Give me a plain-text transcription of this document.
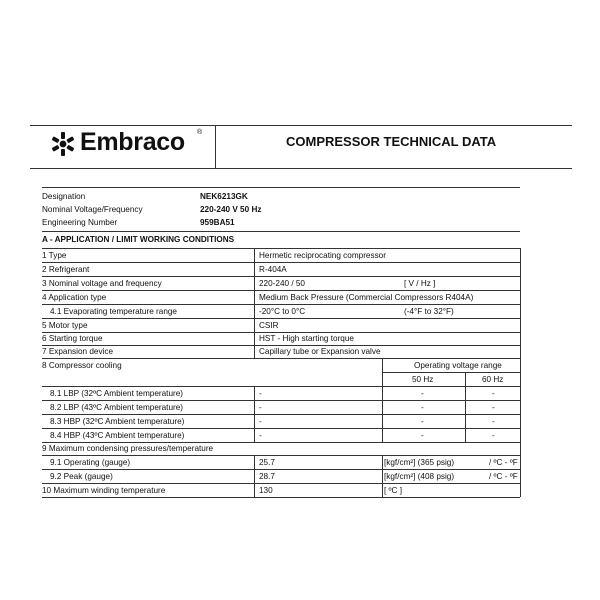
Embraco ®
COMPRESSOR TECHNICAL DATA
Designation	NEK6213GK
Nominal Voltage/Frequency	220-240 V 50 Hz
Engineering Number	959BA51
A - APPLICATION / LIMIT WORKING CONDITIONS
1 Type	Hermetic reciprocating compressor
2 Refrigerant	R-404A
3 Nominal voltage and frequency	220-240 / 50	[ V / Hz ]
4 Application type	Medium Back Pressure (Commercial Compressors R404A)
4.1 Evaporating temperature range	-20°C to 0°C	(-4°F to 32°F)
5 Motor type	CSIR
6 Starting torque	HST - High starting torque
7 Expansion device	Capillary tube or Expansion valve
8 Compressor cooling	Operating voltage range
50 Hz	60 Hz
8.1 LBP (32ºC Ambient temperature)	-	-	-
8.2 LBP (43ºC Ambient temperature)	-	-	-
8.3 HBP (32ºC Ambient temperature)	-	-	-
8.4 HBP (43ºC Ambient temperature)	-	-	-
9 Maximum condensing pressures/temperature
9.1 Operating (gauge)	25.7	[kgf/cm²] (365 psig)	/ ºC - ºF
9.2 Peak (gauge)	28.7	[kgf/cm²] (408 psig)	/ ºC - ºF
10 Maximum winding temperature	130	[ ºC ]
